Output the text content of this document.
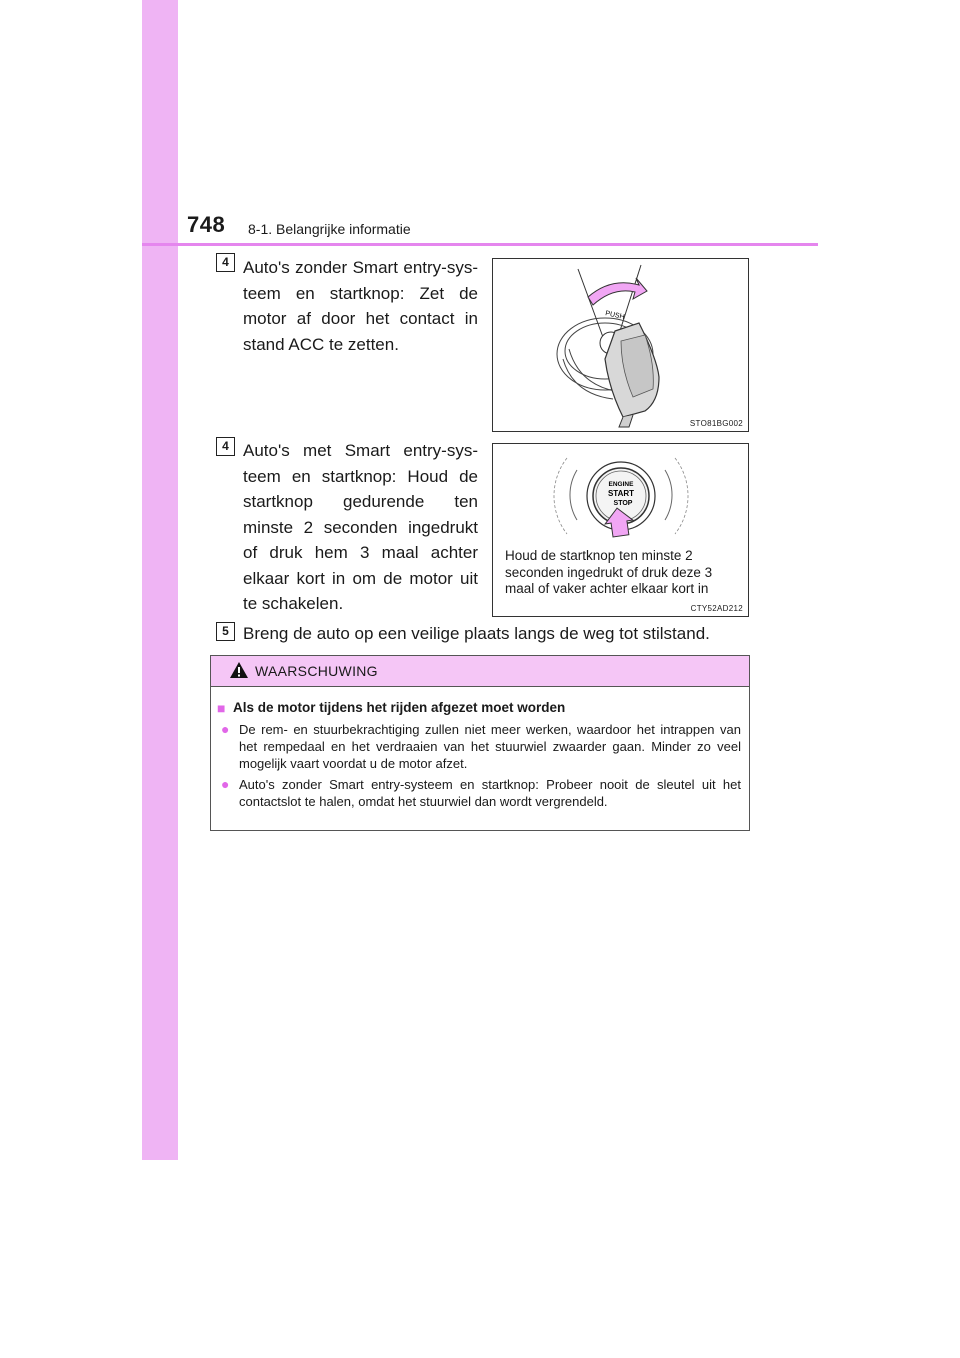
748 8-1. Belangrijke informatie
4 Auto's zonder Smart entry-sys-teem en startknop: Zet de motor af door het contact in stand ACC te zetten.
PUSH
STO81BG002
4 Auto's met Smart entry-sys-teem en startknop: Houd de startknop gedurende ten minste 2 seconden ingedrukt of druk hem 3 maal achter elkaar kort in om de motor uit te schakelen.
ENGINE
START
STOP
Houd de startknop ten minste 2 seconden ingedrukt of druk deze 3 maal of vaker achter elkaar kort in
CTY52AD212
5 Breng de auto op een veilige plaats langs de weg tot stilstand.
WAARSCHUWING
■ Als de motor tijdens het rijden afgezet moet worden
● De rem- en stuurbekrachtiging zullen niet meer werken, waardoor het intrappen van het rempedaal en het verdraaien van het stuurwiel zwaarder gaan. Minder zo veel mogelijk vaart voordat u de motor afzet.
● Auto's zonder Smart entry-systeem en startknop: Probeer nooit de sleutel uit het contactslot te halen, omdat het stuurwiel dan wordt vergrendeld.
